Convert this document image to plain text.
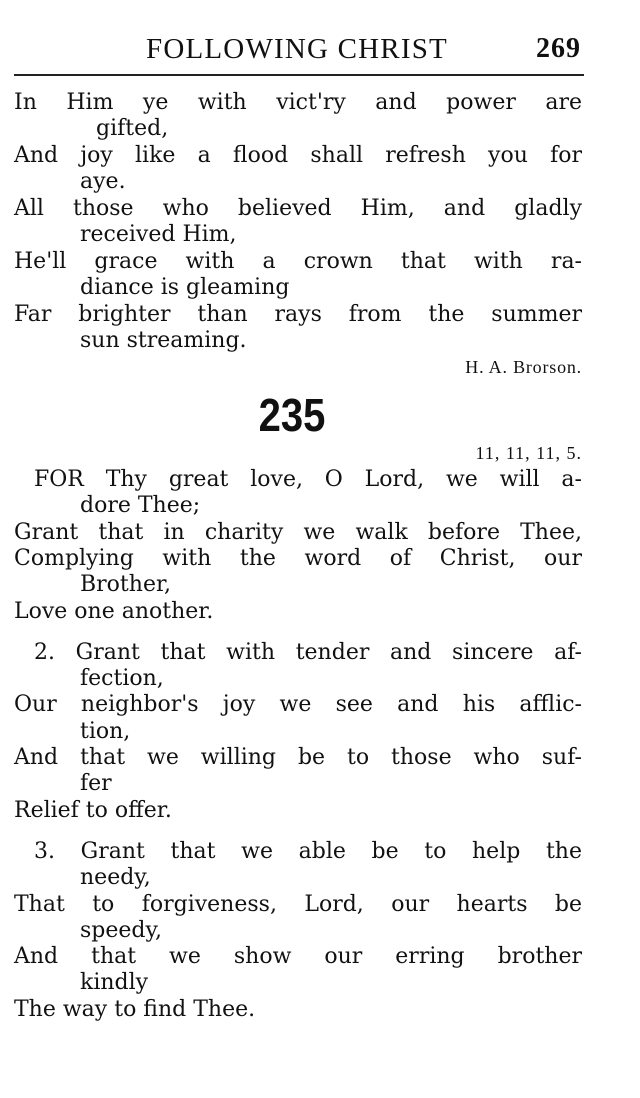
FOLLOWING CHRIST	269
In Him ye with vict'ry and power are
gifted,
And joy like a flood shall refresh you for
aye.
All those who believed Him, and gladly
received Him,
He'll grace with a crown that with ra-
diance is gleaming
Far brighter than rays from the summer
sun streaming.
H. A. Brorson.
235
11, 11, 11, 5.
FOR Thy great love, O Lord, we will a-
dore Thee;
Grant that in charity we walk before Thee,
Complying with the word of Christ, our
Brother,
Love one another.
2. Grant that with tender and sincere af-
fection,
Our neighbor's joy we see and his afflic-
tion,
And that we willing be to those who suf-
fer
Relief to offer.
3. Grant that we able be to help the
needy,
That to forgiveness, Lord, our hearts be
speedy,
And that we show our erring brother
kindly
The way to find Thee.
